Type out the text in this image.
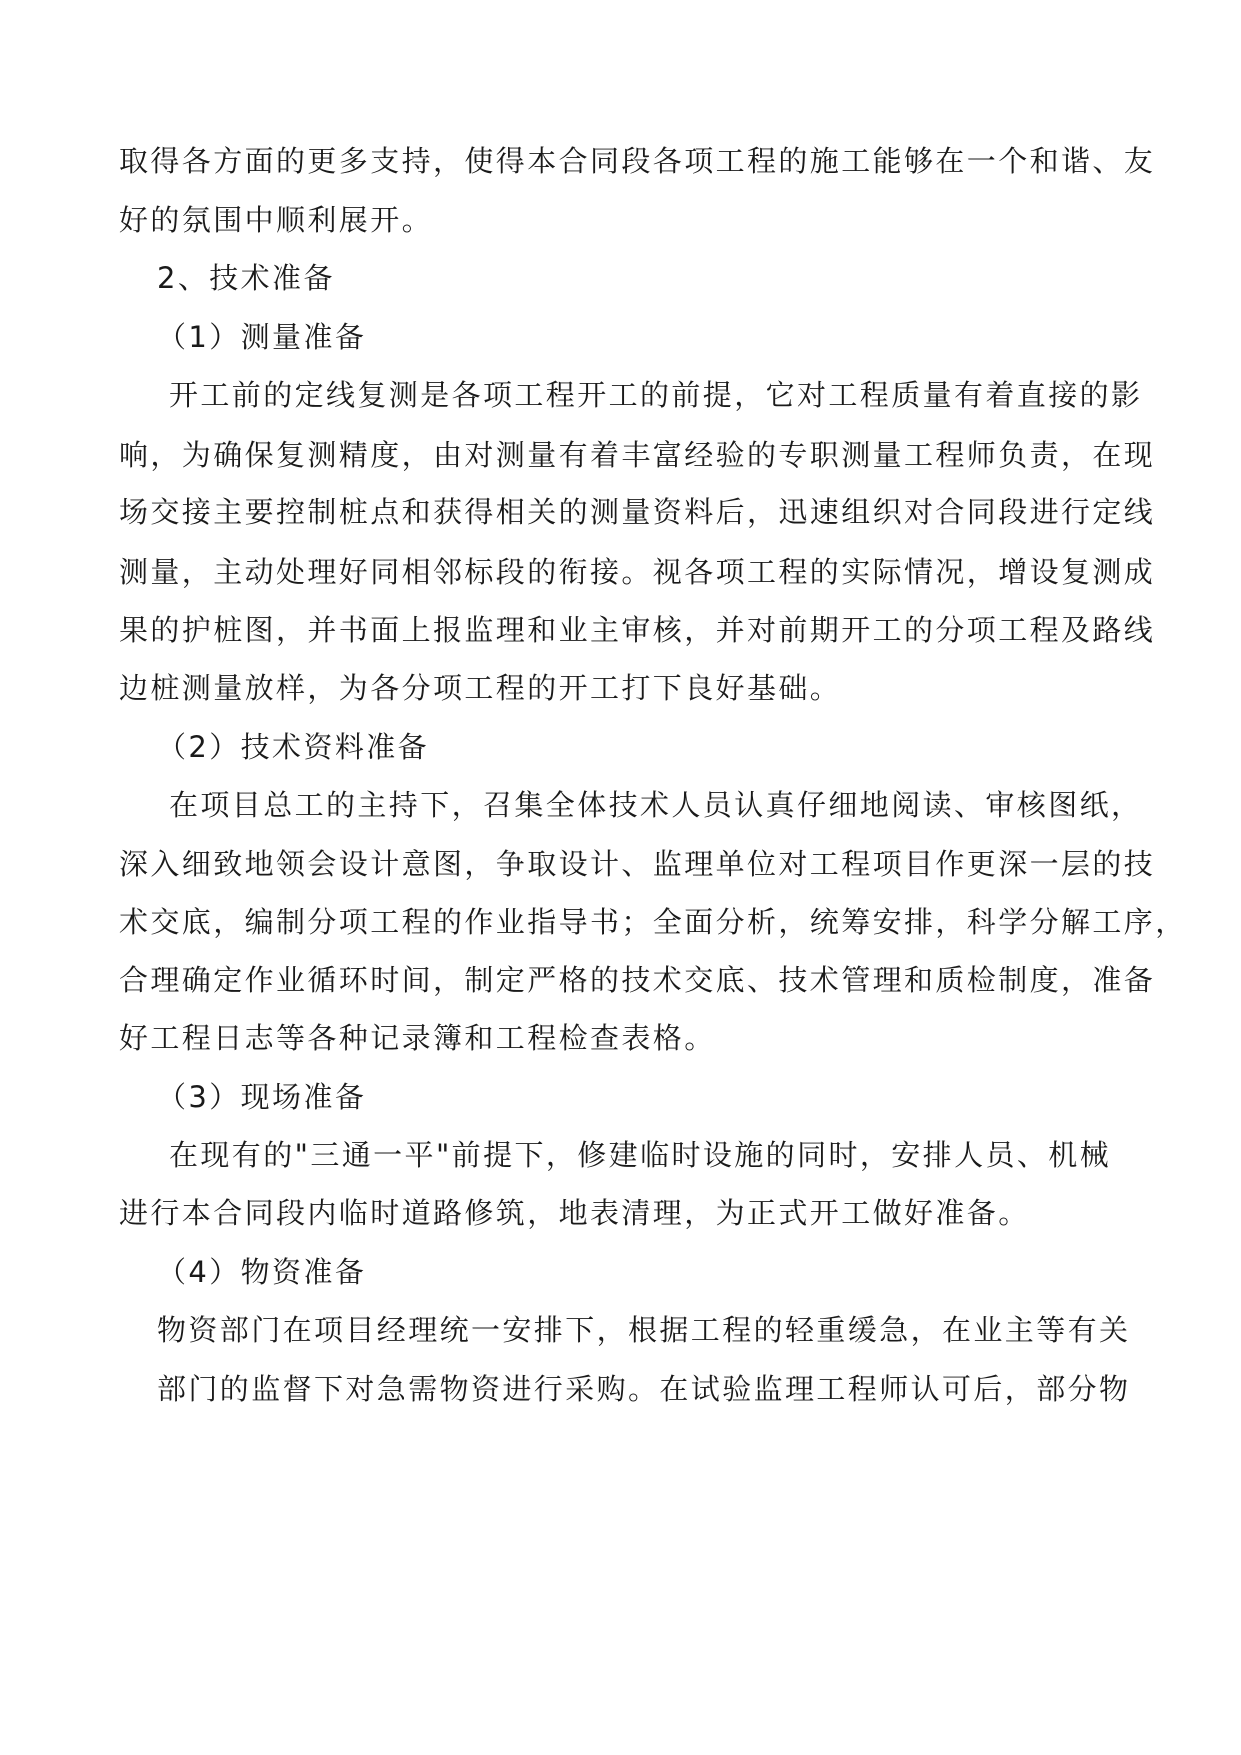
取得各方面的更多支持，使得本合同段各项工程的施工能够在一个和谐、友
好的氛围中顺利展开。
2、技术准备
（1）测量准备
开工前的定线复测是各项工程开工的前提，它对工程质量有着直接的影
响，为确保复测精度，由对测量有着丰富经验的专职测量工程师负责，在现
场交接主要控制桩点和获得相关的测量资料后，迅速组织对合同段进行定线
测量，主动处理好同相邻标段的衔接。视各项工程的实际情况，增设复测成
果的护桩图，并书面上报监理和业主审核，并对前期开工的分项工程及路线
边桩测量放样，为各分项工程的开工打下良好基础。
（2）技术资料准备
在项目总工的主持下，召集全体技术人员认真仔细地阅读、审核图纸，
深入细致地领会设计意图，争取设计、监理单位对工程项目作更深一层的技
术交底，编制分项工程的作业指导书；全面分析，统筹安排，科学分解工序，
合理确定作业循环时间，制定严格的技术交底、技术管理和质检制度，准备
好工程日志等各种记录簿和工程检查表格。
（3）现场准备
在现有的"三通一平"前提下，修建临时设施的同时，安排人员、机械
进行本合同段内临时道路修筑，地表清理，为正式开工做好准备。
（4）物资准备
物资部门在项目经理统一安排下，根据工程的轻重缓急，在业主等有关
部门的监督下对急需物资进行采购。在试验监理工程师认可后，部分物
